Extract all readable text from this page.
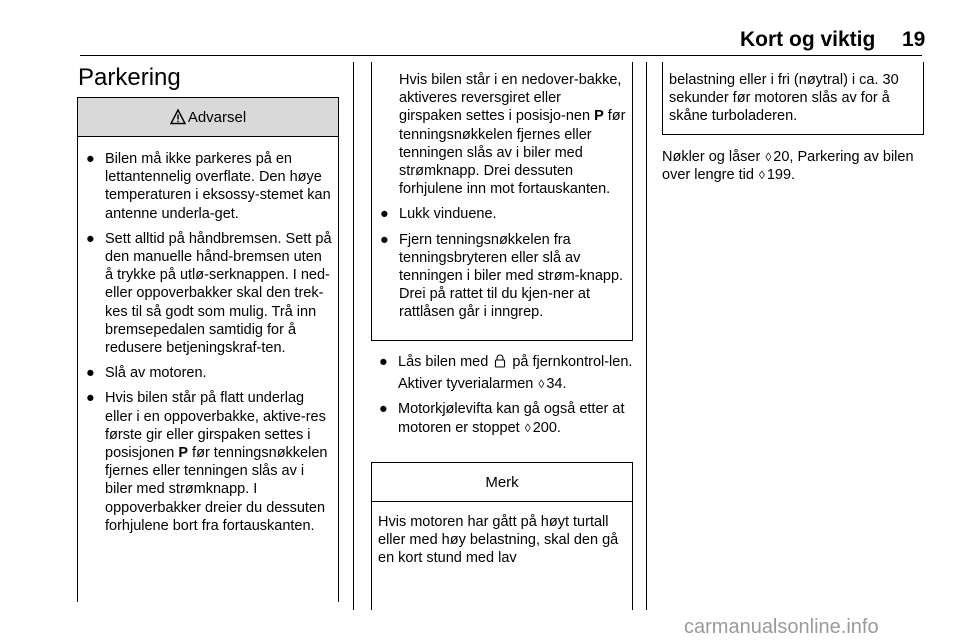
Kort og viktig 19
Parkering
Advarsel
● Bilen må ikke parkeres på en lettantennelig overflate. Den høye temperaturen i eksossy-stemet kan antenne underla-get.
● Sett alltid på håndbremsen. Sett på den manuelle hånd-bremsen uten å trykke på utlø-serknappen. I ned- eller oppoverbakker skal den trek-kes til så godt som mulig. Trå inn bremsepedalen samtidig for å redusere betjeningskraf-ten.
● Slå av motoren.
● Hvis bilen står på flatt underlag eller i en oppoverbakke, aktive-res første gir eller girspaken settes i posisjonen P før tenningsnøkkelen fjernes eller tenningen slås av i biler med strømknapp. I oppoverbakker dreier du dessuten forhjulene bort fra fortauskanten.
Hvis bilen står i en nedover-bakke, aktiveres reversgiret eller girspaken settes i posisjo-nen P før tenningsnøkkelen fjernes eller tenningen slås av i biler med strømknapp. Drei dessuten forhjulene inn mot fortauskanten.
● Lukk vinduene.
● Fjern tenningsnøkkelen fra tenningsbryteren eller slå av tenningen i biler med strøm-knapp. Drei på rattet til du kjen-ner at rattlåsen går i inngrep.
● Lås bilen med  på fjernkontrol-len.
Aktiver tyverialarmen ◊ 34.
● Motorkjølevifta kan gå også etter at motoren er stoppet ◊ 200.
Merk
Hvis motoren har gått på høyt turtall eller med høy belastning, skal den gå en kort stund med lav
belastning eller i fri (nøytral) i ca. 30 sekunder før motoren slås av for å skåne turboladeren.
Nøkler og låser ◊ 20, Parkering av bilen over lengre tid ◊ 199.
carmanualsonline.info
